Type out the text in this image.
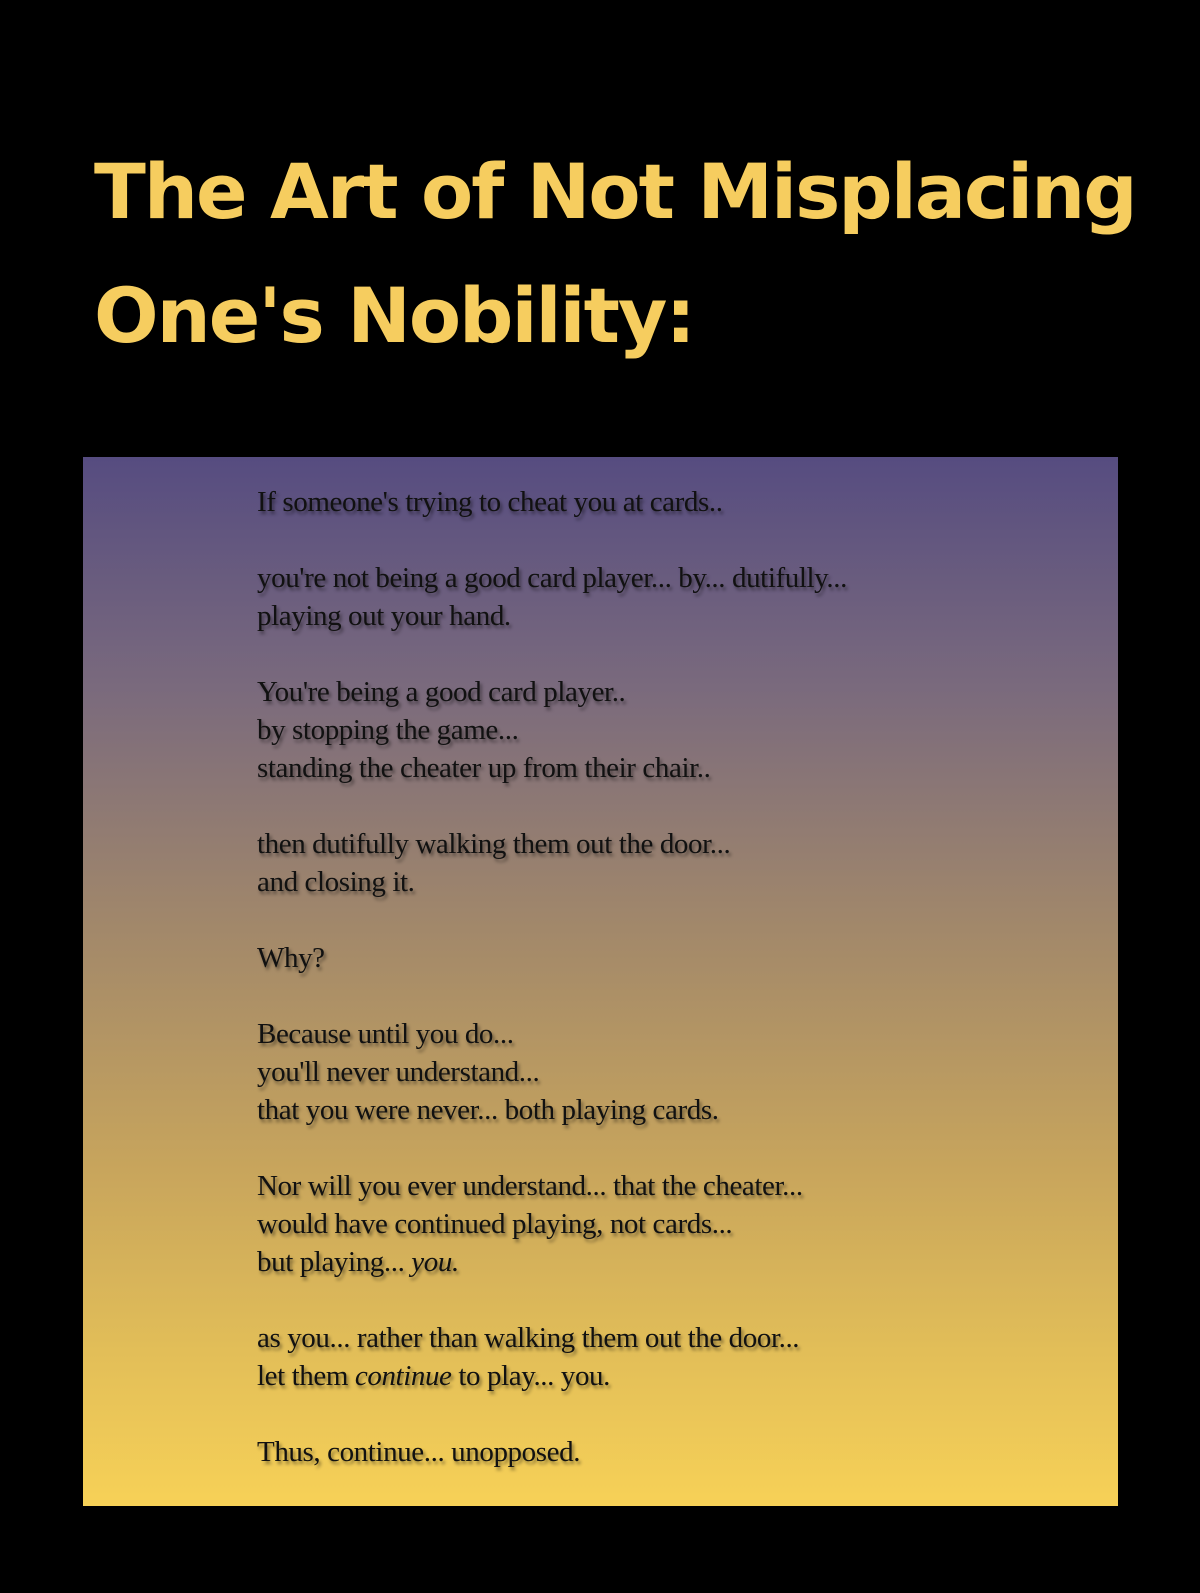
The Art of Not Misplacing
One's Nobility:
If someone's trying to cheat you at cards..
you're not being a good card player... by... dutifully...
playing out your hand.
You're being a good card player..
by stopping the game...
standing the cheater up from their chair..
then dutifully walking them out the door...
and closing it.
Why?
Because until you do...
you'll never understand...
that you were never... both playing cards.
Nor will you ever understand... that the cheater...
would have continued playing, not cards...
but playing... you.
as you... rather than walking them out the door...
let them continue to play... you.
Thus, continue... unopposed.
